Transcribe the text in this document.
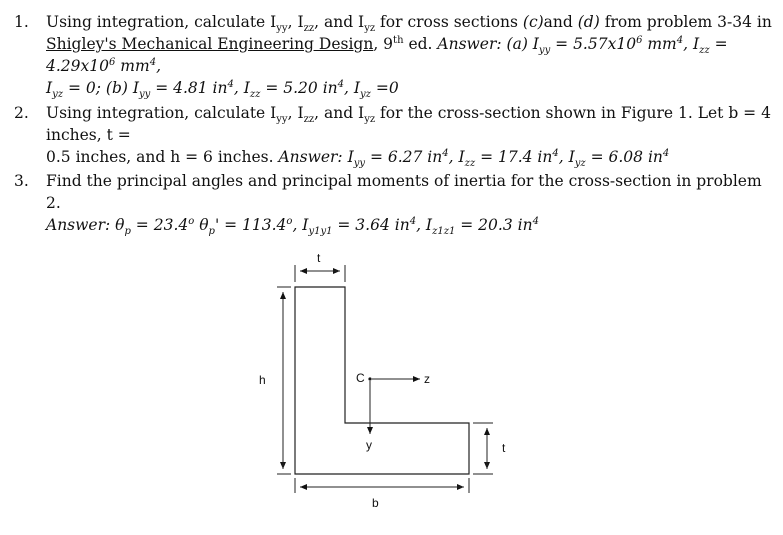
1. Using integration, calculate $I_{yy}$, $I_{zz}$, and $I_{yz}$ for cross sections (c)and (d) from problem 3-34 in
Shigley's Mechanical Engineering Design, 9th ed. Answer: (a) $I_{yy} = 5.57x10^6$ $mm^4$, $I_{zz} = 4.29x10^6$ $mm^4$,
$I_{yz} = 0$; (b) $I_{yy} = 4.81$ $in^4$, $I_{zz} = 5.20$ $in^4$, $I_{yz} =0$
2. Using integration, calculate $I_{yy}$, $I_{zz}$, and $I_{yz}$ for the cross-section shown in Figure 1. Let b = 4 inches, t =
0.5 inches, and h = 6 inches. Answer: $I_{yy} = 6.27$ $in^4$, $I_{zz} = 17.4$ $in^4$, $I_{yz} = 6.08$ $in^4$
3. Find the principal angles and principal moments of inertia for the cross-section in problem 2.
Answer: $\theta_p = 23.4^o$ $\theta_p' = 113.4^o$, $I_{y1y1} = 3.64$ $in^4$, $I_{z1z1} = 20.3$ $in^4$
t
h	C	z
y	t
b
